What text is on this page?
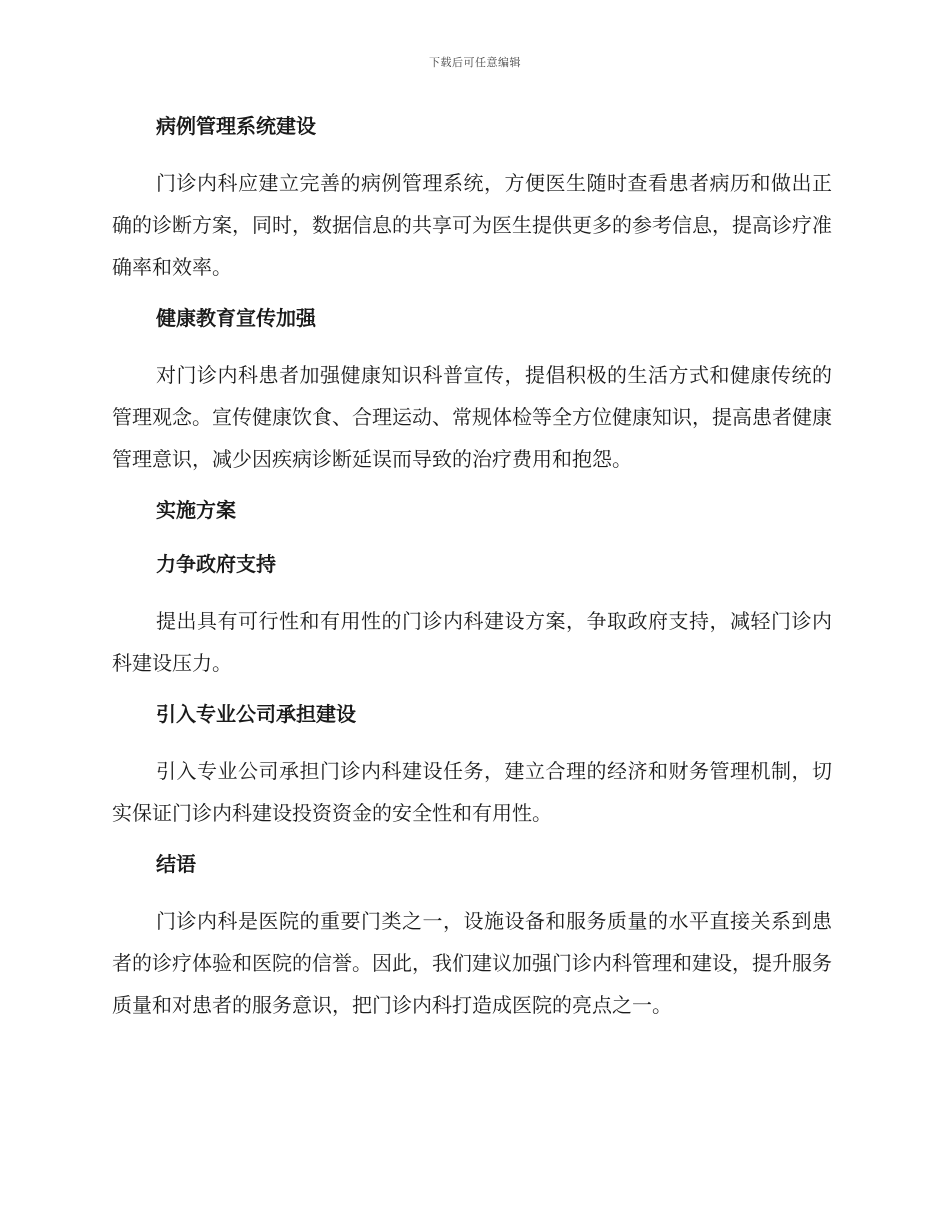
下载后可任意编辑
病例管理系统建设
门诊内科应建立完善的病例管理系统，方便医生随时查看患者病历和做出正确的诊断方案，同时，数据信息的共享可为医生提供更多的参考信息，提高诊疗准确率和效率。
健康教育宣传加强
对门诊内科患者加强健康知识科普宣传，提倡积极的生活方式和健康传统的管理观念。宣传健康饮食、合理运动、常规体检等全方位健康知识，提高患者健康管理意识，减少因疾病诊断延误而导致的治疗费用和抱怨。
实施方案
力争政府支持
提出具有可行性和有用性的门诊内科建设方案，争取政府支持，减轻门诊内科建设压力。
引入专业公司承担建设
引入专业公司承担门诊内科建设任务，建立合理的经济和财务管理机制，切实保证门诊内科建设投资资金的安全性和有用性。
结语
门诊内科是医院的重要门类之一，设施设备和服务质量的水平直接关系到患者的诊疗体验和医院的信誉。因此，我们建议加强门诊内科管理和建设，提升服务质量和对患者的服务意识，把门诊内科打造成医院的亮点之一。
